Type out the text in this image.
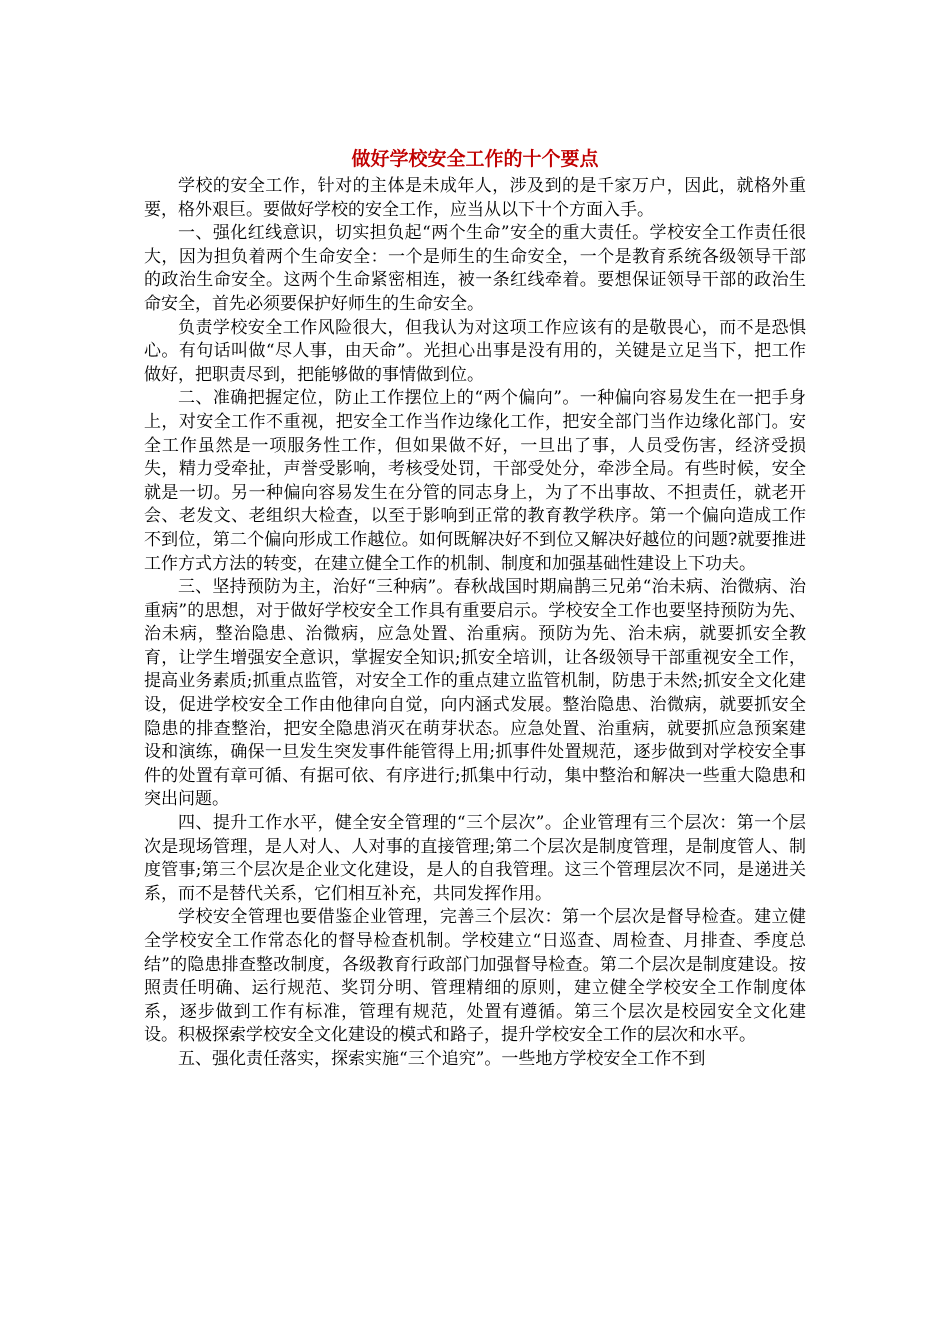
做好学校安全工作的十个要点

学校的安全工作，针对的主体是未成年人，涉及到的是千家万户，因此，就格外重要，格外艰巨。要做好学校的安全工作，应当从以下十个方面入手。

一、强化红线意识，切实担负起“两个生命”安全的重大责任。学校安全工作责任很大，因为担负着两个生命安全：一个是师生的生命安全，一个是教育系统各级领导干部的政治生命安全。这两个生命紧密相连，被一条红线牵着。要想保证领导干部的政治生命安全，首先必须要保护好师生的生命安全。

负责学校安全工作风险很大，但我认为对这项工作应该有的是敬畏心，而不是恐惧心。有句话叫做“尽人事，由天命”。光担心出事是没有用的，关键是立足当下，把工作做好，把职责尽到，把能够做的事情做到位。

二、准确把握定位，防止工作摆位上的“两个偏向”。一种偏向容易发生在一把手身上，对安全工作不重视，把安全工作当作边缘化工作，把安全部门当作边缘化部门。安全工作虽然是一项服务性工作，但如果做不好，一旦出了事，人员受伤害，经济受损失，精力受牵扯，声誉受影响，考核受处罚，干部受处分，牵涉全局。有些时候，安全就是一切。另一种偏向容易发生在分管的同志身上，为了不出事故、不担责任，就老开会、老发文、老组织大检查，以至于影响到正常的教育教学秩序。第一个偏向造成工作不到位，第二个偏向形成工作越位。如何既解决好不到位又解决好越位的问题?就要推进工作方式方法的转变，在建立健全工作的机制、制度和加强基础性建设上下功夫。

三、坚持预防为主，治好“三种病”。春秋战国时期扁鹊三兄弟“治未病、治微病、治重病”的思想，对于做好学校安全工作具有重要启示。学校安全工作也要坚持预防为先、治未病，整治隐患、治微病，应急处置、治重病。预防为先、治未病，就要抓安全教育，让学生增强安全意识，掌握安全知识;抓安全培训，让各级领导干部重视安全工作，提高业务素质;抓重点监管，对安全工作的重点建立监管机制，防患于未然;抓安全文化建设，促进学校安全工作由他律向自觉，向内涵式发展。整治隐患、治微病，就要抓安全隐患的排查整治，把安全隐患消灭在萌芽状态。应急处置、治重病，就要抓应急预案建设和演练，确保一旦发生突发事件能管得上用;抓事件处置规范，逐步做到对学校安全事件的处置有章可循、有据可依、有序进行;抓集中行动，集中整治和解决一些重大隐患和突出问题。

四、提升工作水平，健全安全管理的“三个层次”。企业管理有三个层次：第一个层次是现场管理，是人对人、人对事的直接管理;第二个层次是制度管理，是制度管人、制度管事;第三个层次是企业文化建设，是人的自我管理。这三个管理层次不同，是递进关系，而不是替代关系，它们相互补充，共同发挥作用。

学校安全管理也要借鉴企业管理，完善三个层次：第一个层次是督导检查。建立健全学校安全工作常态化的督导检查机制。学校建立“日巡查、周检查、月排查、季度总结”的隐患排查整改制度，各级教育行政部门加强督导检查。第二个层次是制度建设。按照责任明确、运行规范、奖罚分明、管理精细的原则，建立健全学校安全工作制度体系，逐步做到工作有标准，管理有规范，处置有遵循。第三个层次是校园安全文化建设。积极探索学校安全文化建设的模式和路子，提升学校安全工作的层次和水平。

五、强化责任落实，探索实施“三个追究”。一些地方学校安全工作不到
